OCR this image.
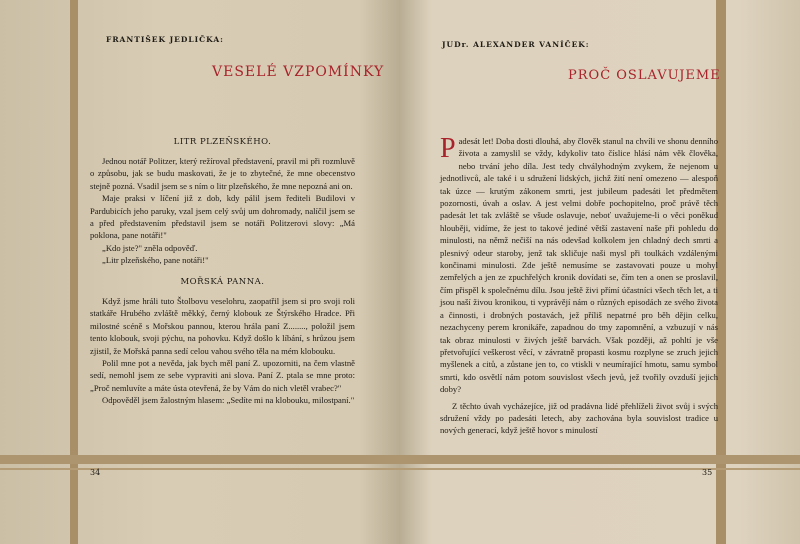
FRANTIŠEK JEDLIČKA:
VESELÉ VZPOMÍNKY
LITR PLZEŇSKÉHO.

Jednou notář Politzer, který režíroval představení, pravil mi při rozmluvě o způsobu, jak se budu maskovati, že je to zbytečné, že mne obecenstvo stejně pozná. Vsadil jsem se s ním o litr plzeňského, že mne nepozná ani on.

Maje praksi v líčení již z dob, kdy pálil jsem řediteli Budilovi v Pardubicích jeho paruky, vzal jsem celý svůj um dohromady, nalíčil jsem se a před představením představil jsem se notáři Politzerovi slovy: „Má poklona, pane notáři!"

„Kdo jste?" zněla odpověď.

„Litr plzeňského, pane notáři!"

MOŘSKÁ PANNA.

Když jsme hráli tuto Štolbovu veselohru, zaopatřil jsem si pro svoji roli statkáře Hrubého zvláště měkký, černý klobouk ze Štýrského Hradce. Při milostné scéně s Mořskou pannou, kterou hrála paní Z........, položil jsem tento klobouk, svoji pýchu, na pohovku. Když došlo k líbání, s hrůzou jsem zjistil, že Mořská panna sedí celou vahou svého těla na mém klobouku.

Polil mne pot a nevěda, jak bych měl paní Z. upozorniti, na čem vlastně sedí, nemohl jsem ze sebe vypraviti ani slova. Paní Z. ptala se mne proto: „Proč nemluvíte a máte ústa otevřená, že by Vám do nich vletěl vrabec?"

Odpověděl jsem žalostným hlasem: „Sedíte mi na klobouku, milostpaní."

34
JUDr. ALEXANDER VANÍČEK:
PROČ OSLAVUJEME
P adesát let! Doba dosti dlouhá, aby člověk stanul na chvíli ve shonu denního života a zamyslil se vždy, kdykoliv tato číslice hlásí nám věk člověka, nebo trvání jeho díla. Jest tedy chvályhodným zvykem, že nejenom u jednotlivců, ale také i u sdružení lidských, jichž žití není omezeno — alespoň tak úzce — krutým zákonem smrti, jest jubileum padesáti let předmětem pozornosti, úvah a oslav. A jest velmi dobře pochopitelno, proč právě těch padesát let tak zvláště se všude oslavuje, neboť uvažujeme-li o věci poněkud hlouběji, vidíme, že jest to takové jediné větší zastavení naše při pohledu do minulosti, na němž nečiší na nás odevšad kolkolem jen chladný dech smrti a plesnivý odeur staroby, jenž tak skličuje naši mysl při toulkách vzdálenými končinami minulosti. Zde ještě nemusíme se zastavovati pouze u mohyl zemřelých a jen ze zpuchřelých kronik dovídati se, čím ten a onen se proslavil, čím přispěl k společnému dílu. Jsou ještě živi přímí účastníci všech těch let, a ti jsou naší živou kronikou, ti vyprávějí nám o různých episodách ze svého života a činnosti, i drobných postavách, jež příliš nepatrné pro běh dějin celku, nezachyceny perem kronikáře, zapadnou do tmy zapomnění, a vzbuzují v nás tak obraz minulosti v živých ještě barvách. Však později, až pohltí je vše přetvořující veškerost věcí, v závratně propasti kosmu rozplyne se zruch jejich myšlenek a citů, a zůstane jen to, co vtiskli v neumírající hmotu, samu symbol smrti, kdo osvětlí nám potom souvislost všech jevů, jež tvořily ovzduší jejich doby?

Z těchto úvah vycházejíce, již od pradávna lidé přehlíželi život svůj i svých sdružení vždy po padesáti letech, aby zachována byla souvislost tradice u nových generací, když ještě hovor s minulostí

35
